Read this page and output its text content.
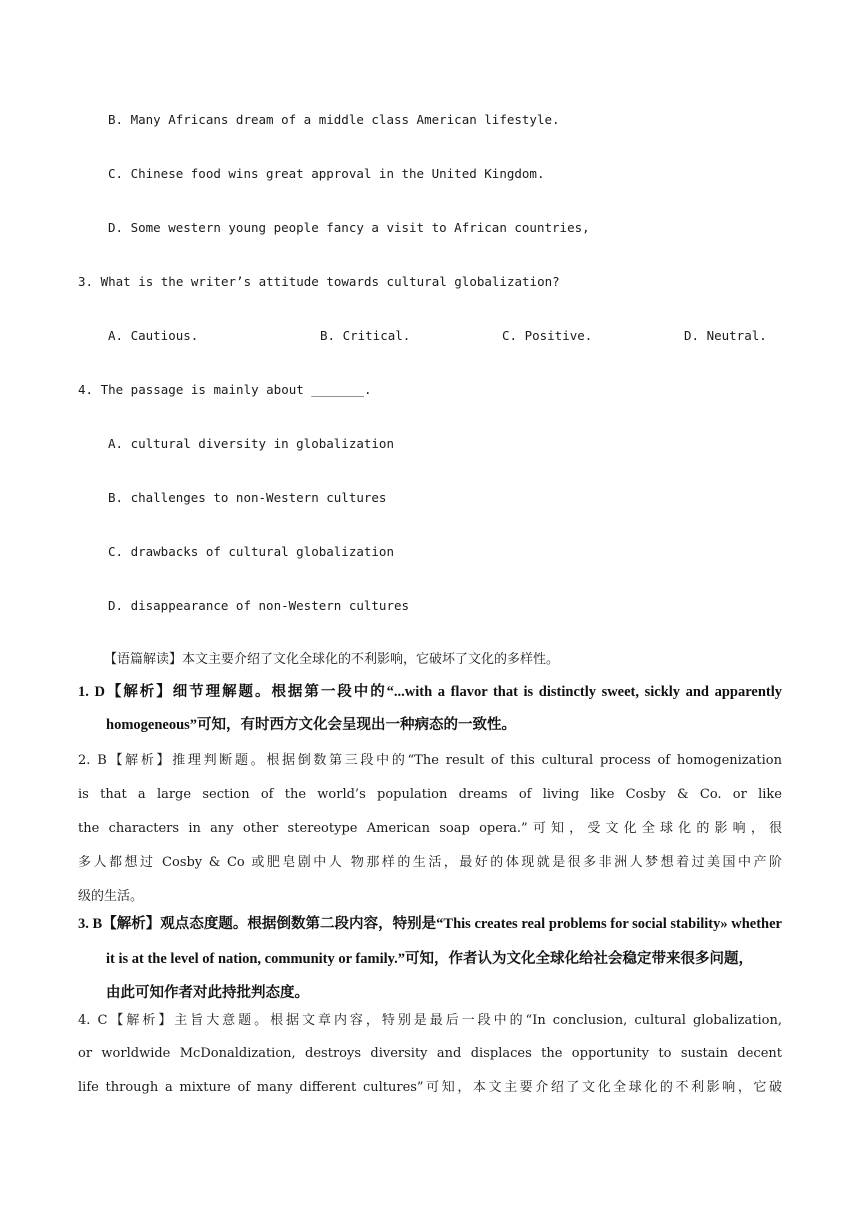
B. Many Africans dream of a middle class American lifestyle.
C. Chinese food wins great approval in the United Kingdom.
D. Some western young people fancy a visit to African countries,
3. What is the writer’s attitude towards cultural globalization?
A. Cautious.	B. Critical.	C. Positive.	D. Neutral.
4. The passage is mainly about _______.
A. cultural diversity in globalization
B. challenges to non-Western cultures
C. drawbacks of cultural globalization
D. disappearance of non-Western cultures
【语篇解读】本文主要介绍了文化全球化的不利影响，它破坏了文化的多样性。
1. D【解析】细节理解题。根据第一段中的“...with a flavor that is distinctly sweet, sickly and apparently
homogeneous”可知，有时西方文化会呈现出一种病态的一致性。
2. B【解析】推理判断题。根据倒数第三段中的“The result of this cultural process of homogenization
is that a large section of the world’s population dreams of living like Cosby & Co. or like
the characters in any other stereotype American soap opera.”可知，受文化全球化的影响，很
多人都想过 Cosby & Co 或肥皂剧中人 物那样的生活，最好的体现就是很多非洲人梦想着过美国中产阶
级的生活。
3. B【解析】观点态度题。根据倒数第二段内容，特别是“This creates real problems for social stability» whether
it is at the level of nation, community or family.”可知，作者认为文化全球化给社会稳定带来很多问题，
由此可知作者对此持批判态度。
4. C【解析】主旨大意题。根据文章内容，特别是最后一段中的“In conclusion, cultural globalization,
or worldwide McDonaldization, destroys diversity and displaces the opportunity to sustain decent
life through a mixture of many different cultures”可知，本文主要介绍了文化全球化的不利影响，它破
